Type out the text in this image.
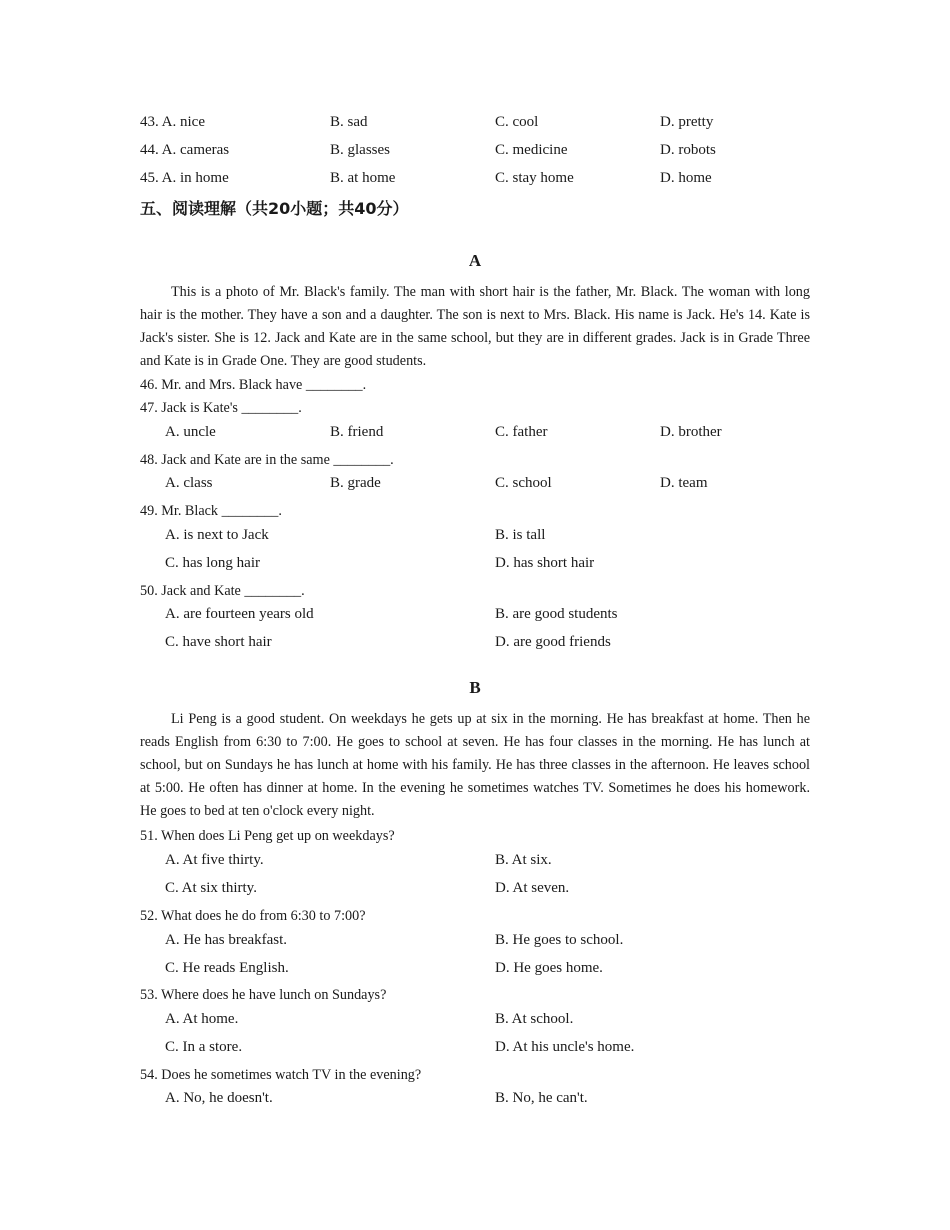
43. A. nice	B. sad	C. cool	D. pretty
44. A. cameras	B. glasses	C. medicine	D. robots
45. A. in home	B. at home	C. stay home	D. home
五、阅读理解（共20小题；共40分）
A

This is a photo of Mr. Black's family. The man with short hair is the father, Mr. Black. The woman with long hair is the mother. They have a son and a daughter. The son is next to Mrs. Black. His name is Jack. He's 14. Kate is Jack's sister. She is 12. Jack and Kate are in the same school, but they are in different grades. Jack is in Grade Three and Kate is in Grade One. They are good students.

46. Mr. and Mrs. Black have ________.
47. Jack is Kate's ________.
A. uncle	B. friend	C. father	D. brother
48. Jack and Kate are in the same ________.
A. class	B. grade	C. school	D. team
49. Mr. Black ________.
A. is next to Jack	B. is tall
C. has long hair	D. has short hair
50. Jack and Kate ________.
A. are fourteen years old	B. are good students
C. have short hair	D. are good friends
B

Li Peng is a good student. On weekdays he gets up at six in the morning. He has breakfast at home. Then he reads English from 6:30 to 7:00. He goes to school at seven. He has four classes in the morning. He has lunch at school, but on Sundays he has lunch at home with his family. He has three classes in the afternoon. He leaves school at 5:00. He often has dinner at home. In the evening he sometimes watches TV. Sometimes he does his homework. He goes to bed at ten o'clock every night.

51. When does Li Peng get up on weekdays?
A. At five thirty.	B. At six.
C. At six thirty.	D. At seven.
52. What does he do from 6:30 to 7:00?
A. He has breakfast.	B. He goes to school.
C. He reads English.	D. He goes home.
53. Where does he have lunch on Sundays?
A. At home.	B. At school.
C. In a store.	D. At his uncle's home.
54. Does he sometimes watch TV in the evening?
A. No, he doesn't.	B. No, he can't.
